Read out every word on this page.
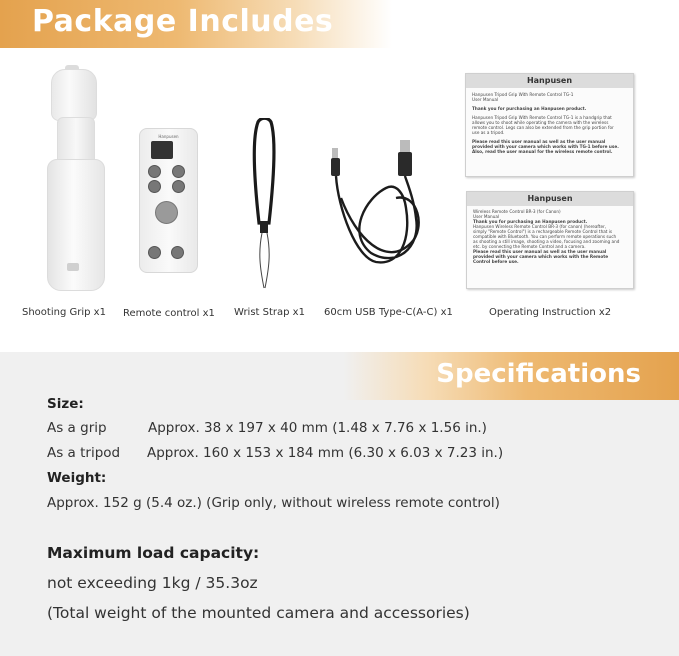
Package Includes
Shooting Grip x1
Hanpusen
Remote control x1 Wrist Strap x1 60cm USB Type-C(A-C) x1
Hanpusen
Hanpusen Tripod Grip With Remote Control TG-1
User Manual
Thank you for purchasing an Hanpusen product.
Hanpusen Tripod Grip With Remote Control TG-1 is a handgrip that
allows you to shoot while operating the camera with the wireless
remote control. Legs can also be extended from the grip portion for
use as a tripod.
Please read this user manual as well as the user manual
provided with your camera which works with TG-1 before use.
Also, read the user manual for the wireless remote control.
Hanpusen
Wireless Remote Control BR-3 (for Canon)
User Manual
Thank you for purchasing an Hanpusen product.
Hanpusen Wireless Remote Control BR-3 (for canon) (hereafter,
simply "Remote Control") is a rechargeable Remote Control that is
compatible with Bluetooth. You can perform remote operations such
as shooting a still image, shooting a video, focusing and zooming and
etc. by connecting the Remote Control and a camera.
Please read this user manual as well as the user manual
provided with your camera which works with the Remote
Control before use.
Operating Instruction x2
Specifications
Size:
As a grip	Approx. 38 x 197 x 40 mm (1.48 x 7.76 x 1.56 in.)
As a tripod Approx. 160 x 153 x 184 mm (6.30 x 6.03 x 7.23 in.)
Weight:
Approx. 152 g (5.4 oz.) (Grip only, without wireless remote control)
Maximum load capacity:
not exceeding 1kg / 35.3oz
(Total weight of the mounted camera and accessories)
